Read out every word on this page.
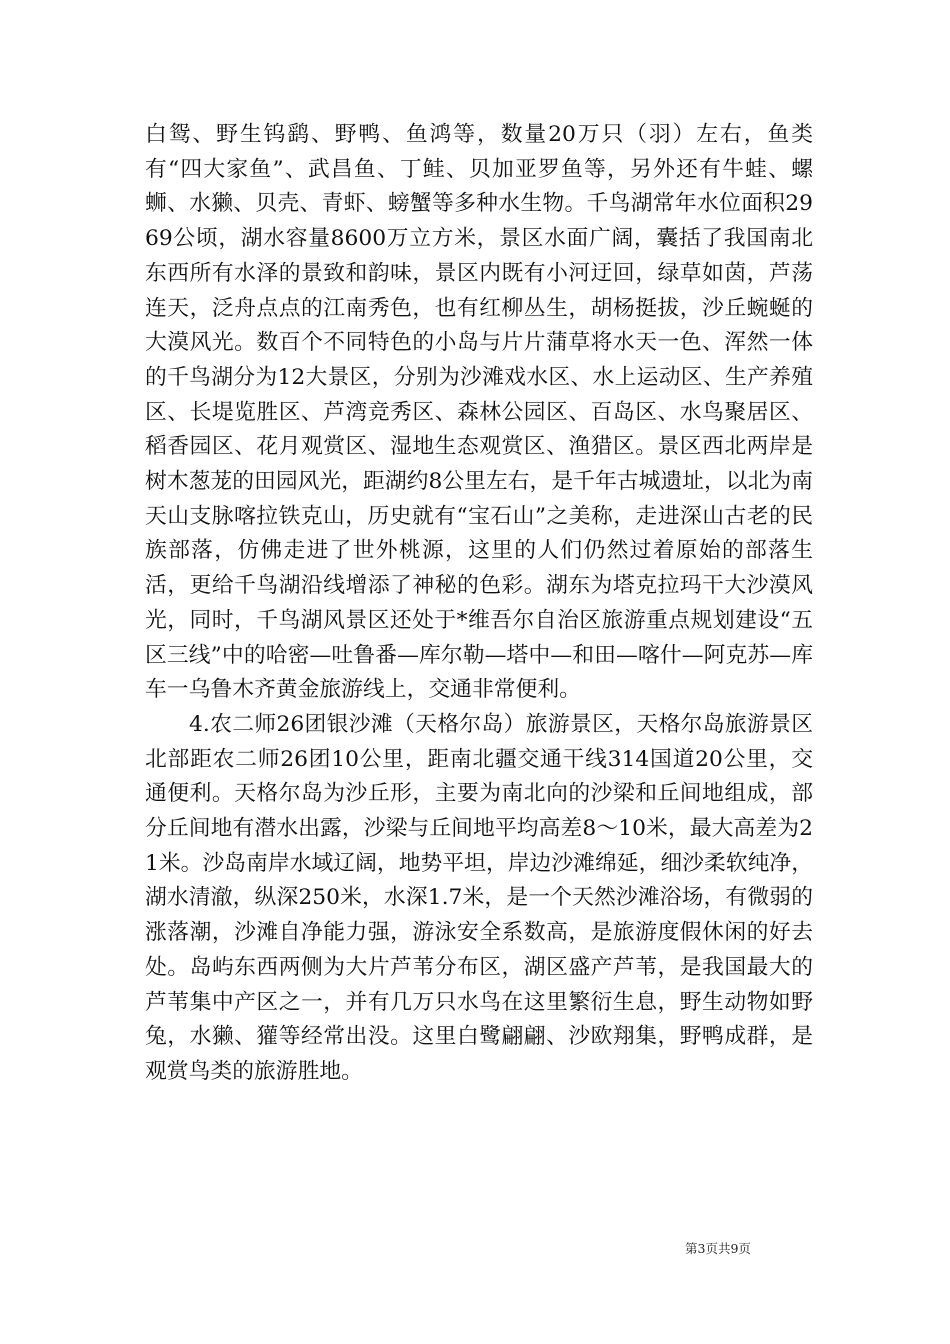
白鸳、野生钨鹞、野鸭、鱼鸿等，数量20万只（羽）左右，鱼类有“四大家鱼”、武昌鱼、丁鲑、贝加亚罗鱼等，另外还有牛蛙、螺蛳、水獭、贝壳、青虾、螃蟹等多种水生物。千鸟湖常年水位面积2969公顷，湖水容量8600万立方米，景区水面广阔，囊括了我国南北东西所有水泽的景致和韵味，景区内既有小河迂回，绿草如茵，芦荡连天，泛舟点点的江南秀色，也有红柳丛生，胡杨挺拔，沙丘蜿蜒的大漠风光。数百个不同特色的小岛与片片蒲草将水天一色、浑然一体的千鸟湖分为12大景区，分别为沙滩戏水区、水上运动区、生产养殖区、长堤览胜区、芦湾竞秀区、森林公园区、百岛区、水鸟聚居区、稻香园区、花月观赏区、湿地生态观赏区、渔猎区。景区西北两岸是树木葱茏的田园风光，距湖约8公里左右，是千年古城遗址，以北为南天山支脉喀拉铁克山，历史就有“宝石山”之美称，走进深山古老的民族部落，仿佛走进了世外桃源，这里的人们仍然过着原始的部落生活，更给千鸟湖沿线增添了神秘的色彩。湖东为塔克拉玛干大沙漠风光，同时，千鸟湖风景区还处于*维吾尔自治区旅游重点规划建设“五区三线”中的哈密—吐鲁番—库尔勒—塔中—和田—喀什—阿克苏—库车一乌鲁木齐黄金旅游线上，交通非常便利。

4.农二师26团银沙滩（天格尔岛）旅游景区，天格尔岛旅游景区北部距农二师26团10公里，距南北疆交通干线314国道20公里，交通便利。天格尔岛为沙丘形，主要为南北向的沙梁和丘间地组成，部分丘间地有潜水出露，沙梁与丘间地平均高差8～10米，最大高差为21米。沙岛南岸水域辽阔，地势平坦，岸边沙滩绵延，细沙柔软纯净，湖水清澈，纵深250米，水深1.7米，是一个天然沙滩浴场，有微弱的涨落潮，沙滩自净能力强，游泳安全系数高，是旅游度假休闲的好去处。岛屿东西两侧为大片芦苇分布区，湖区盛产芦苇，是我国最大的芦苇集中产区之一，并有几万只水鸟在这里繁衍生息，野生动物如野兔，水獭、獾等经常出没。这里白鹭翩翩、沙欧翔集，野鸭成群，是观赏鸟类的旅游胜地。

第3页共9页
